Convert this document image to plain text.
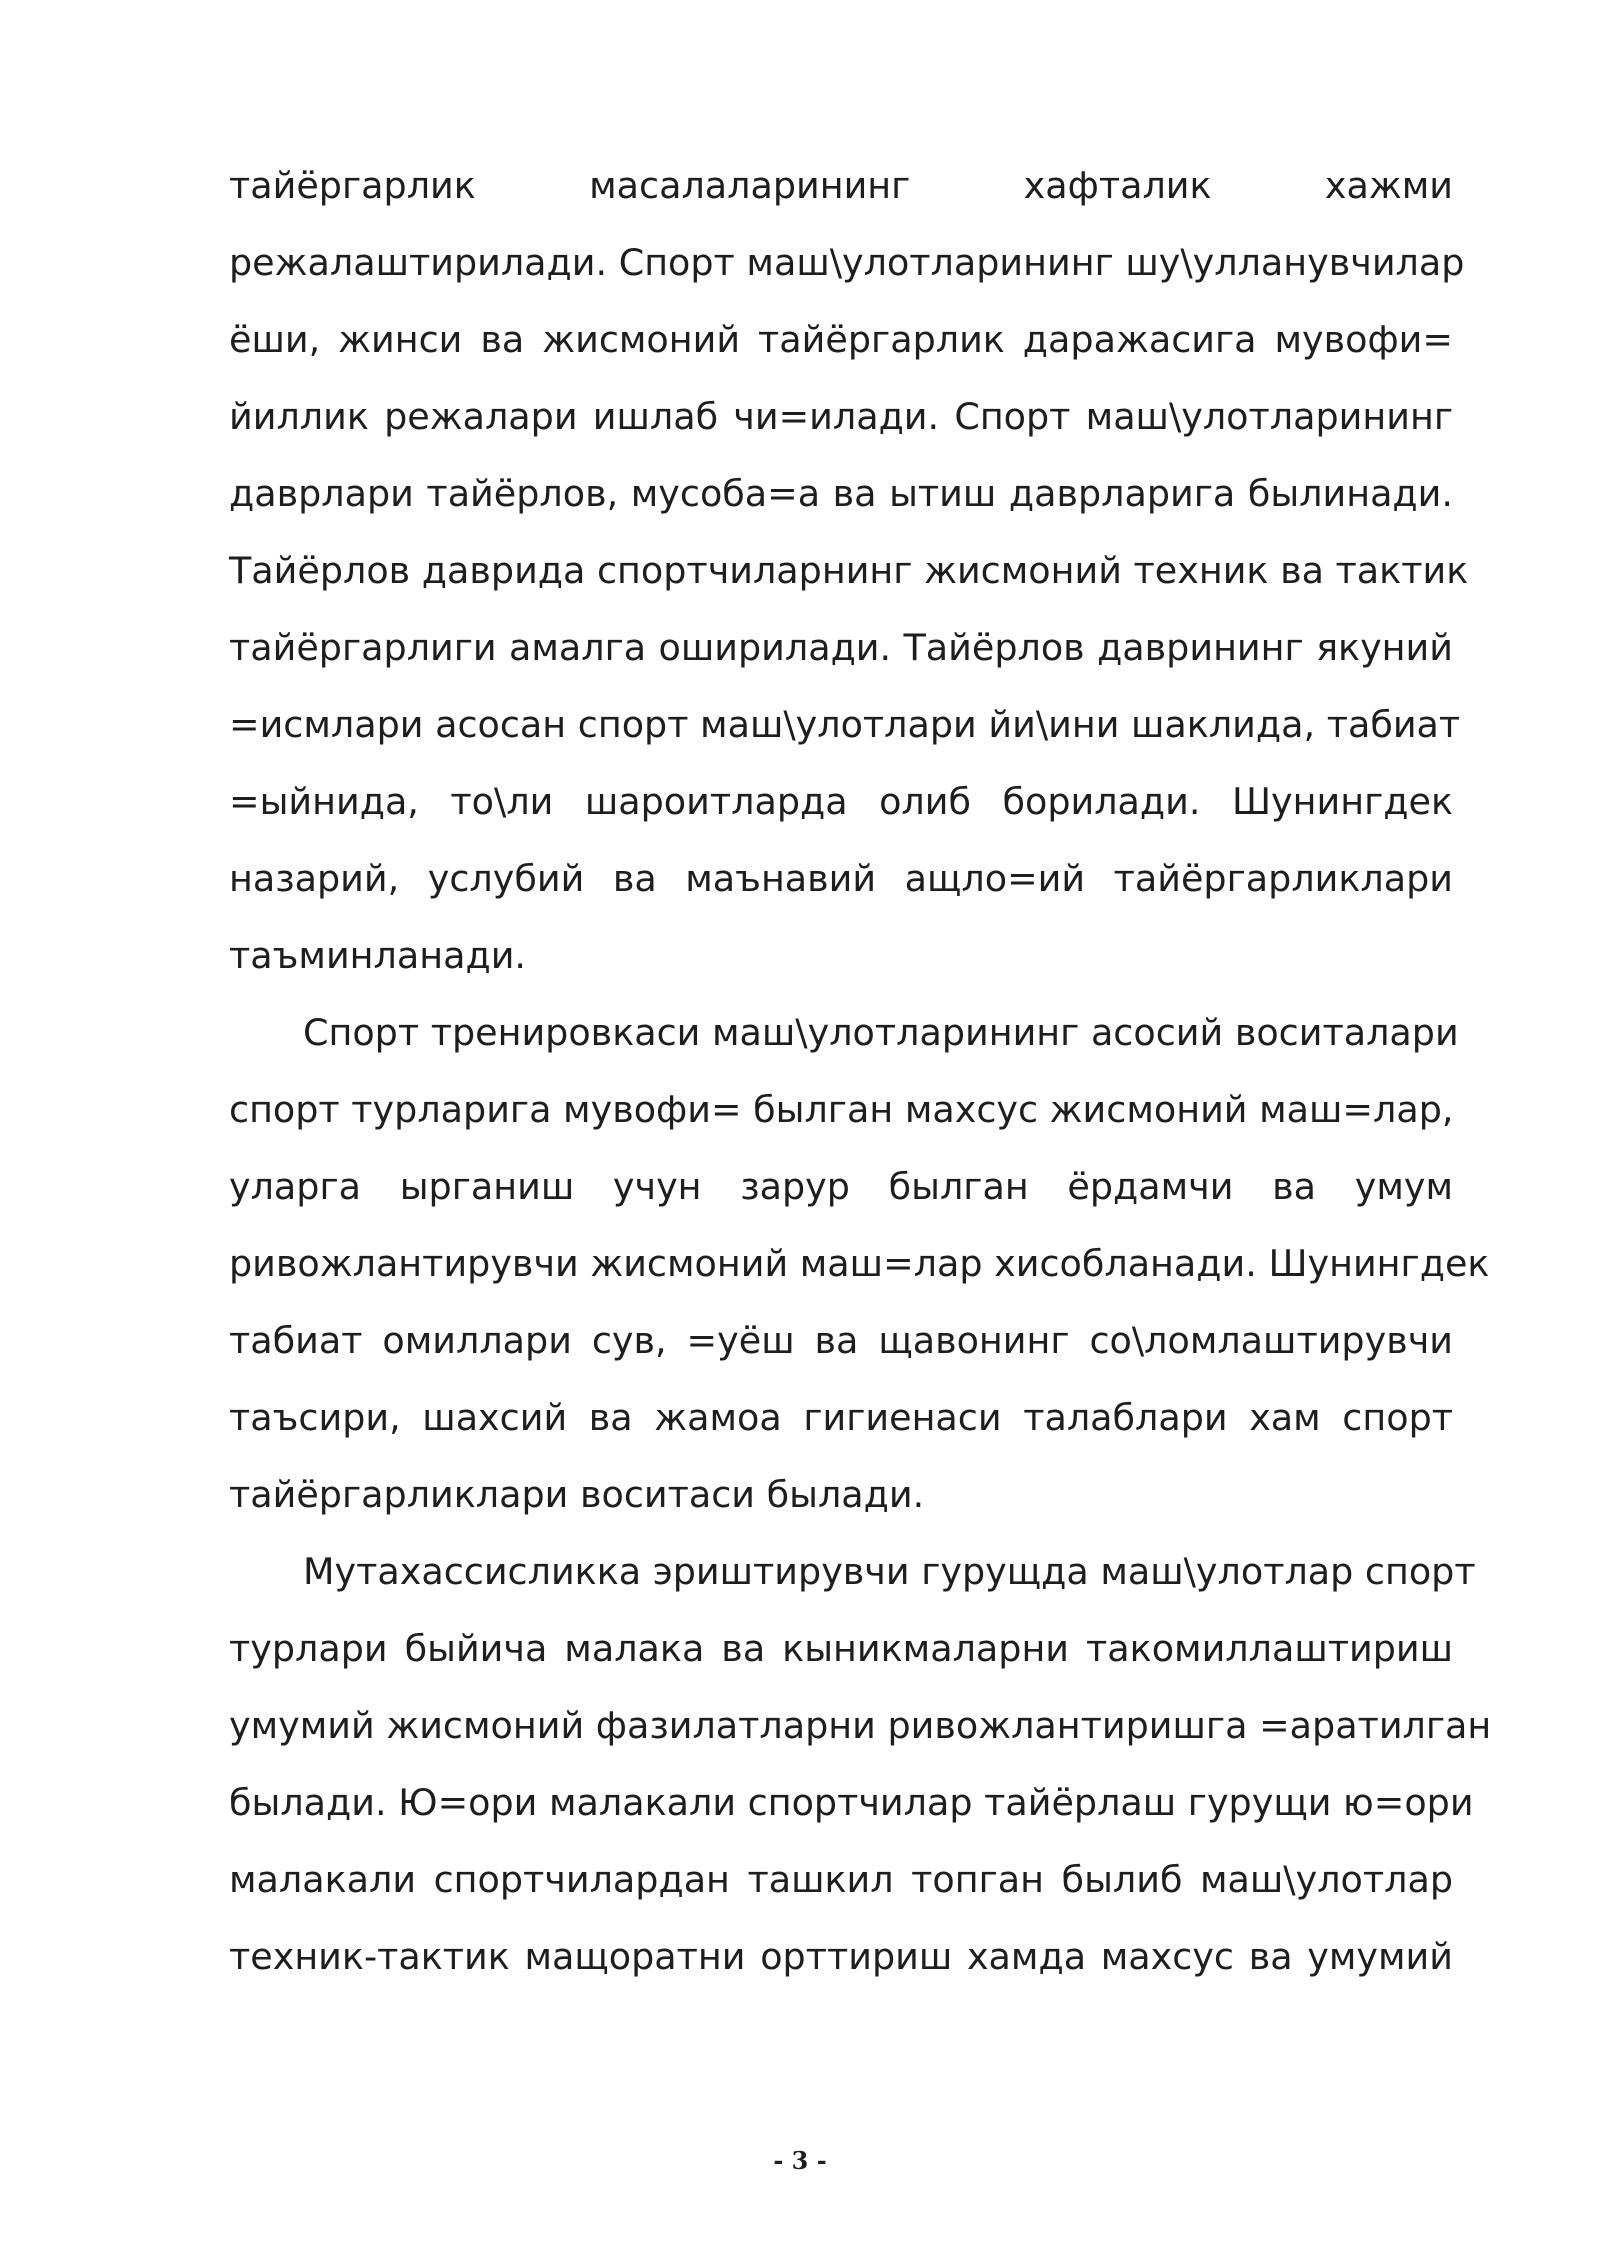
тайёргарлик масалаларининг хафталик хажми
режалаштирилади. Спорт маш\улотларининг шу\улланувчилар
ёши, жинси ва жисмоний тайёргарлик даражасига мувофи=
йиллик режалари ишлаб чи=илади. Спорт маш\улотларининг
даврлари тайёрлов, мусоба=а ва ытиш даврларига былинади.
Тайёрлов даврида спортчиларнинг жисмоний техник ва тактик
тайёргарлиги амалга оширилади. Тайёрлов даврининг якуний
=исмлари асосан спорт маш\улотлари йи\ини шаклида, табиат
=ыйнида, то\ли шароитларда олиб борилади. Шунингдек
назарий, услубий ва маънавий ащло=ий тайёргарликлари
таъминланади.
Спорт тренировкаси маш\улотларининг асосий воситалари
спорт турларига мувофи= былган махсус жисмоний маш=лар,
уларга ырганиш учун зарур былган ёрдамчи ва умум
ривожлантирувчи жисмоний маш=лар хисобланади. Шунингдек
табиат омиллари сув, =уёш ва щавонинг со\ломлаштирувчи
таъсири, шахсий ва жамоа гигиенаси талаблари хам спорт
тайёргарликлари воситаси былади.
Мутахассисликка эриштирувчи гурущда маш\улотлар спорт
турлари быйича малака ва кыникмаларни такомиллаштириш
умумий жисмоний фазилатларни ривожлантиришга =аратилган
былади. Ю=ори малакали спортчилар тайёрлаш гурущи ю=ори
малакали спортчилардан ташкил топган былиб маш\улотлар
техник-тактик мащоратни орттириш хамда махсус ва умумий
- 3 -
